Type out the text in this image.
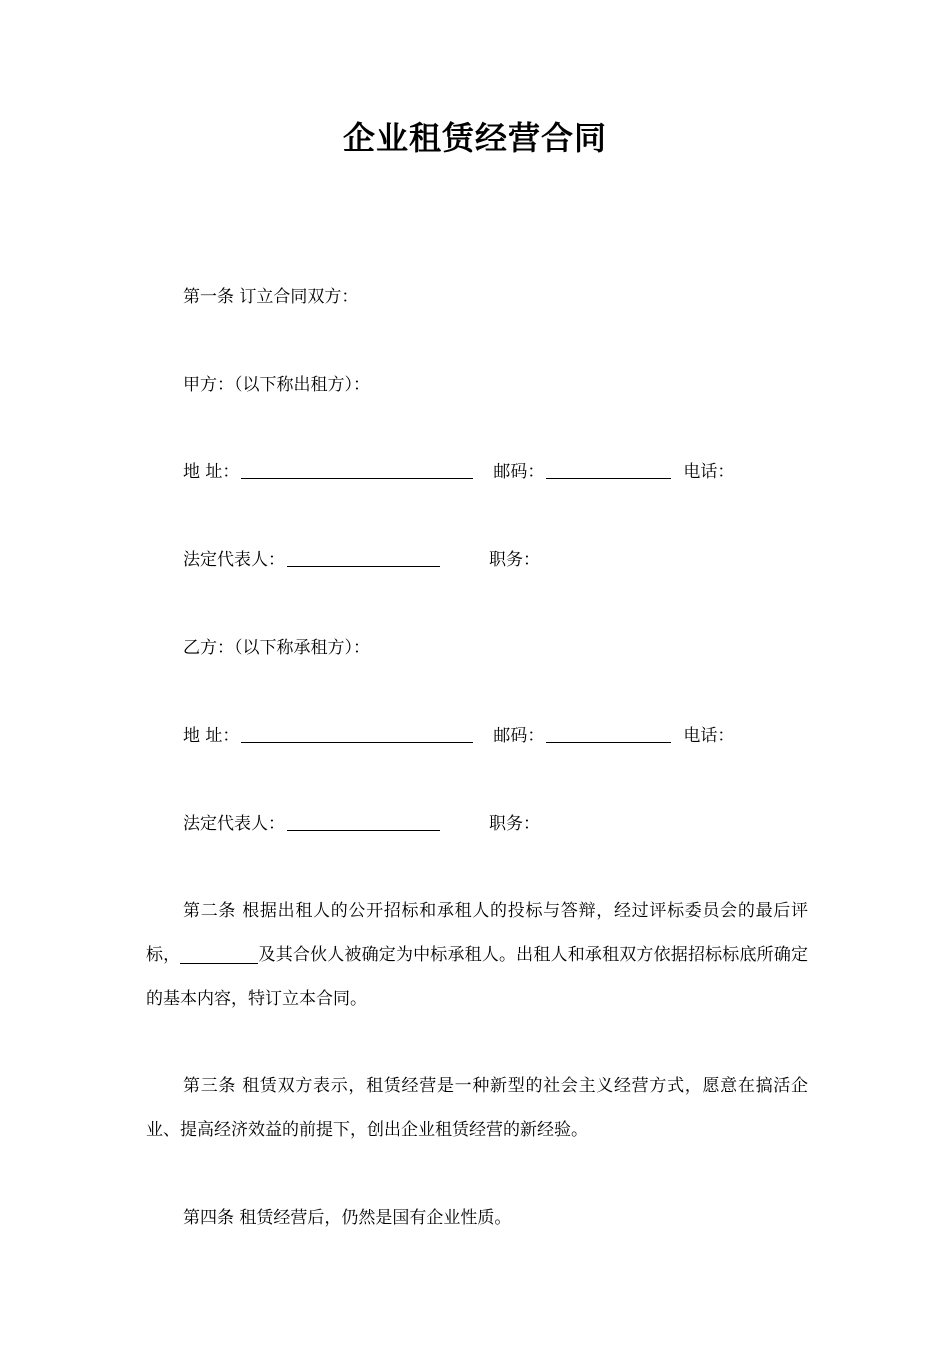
企业租赁经营合同
第一条 订立合同双方：
甲方：（以下称出租方）：
地 址：	邮码：	电话：
法定代表人：	职务：
乙方：（以下称承租方）：
地 址：	邮码：	电话：
法定代表人：	职务：
第二条 根据出租人的公开招标和承租人的投标与答辩，经过评标委员会的最后评标，	及其合伙人被确定为中标承租人。出租人和承租双方依据招标标底所确定的基本内容，特订立本合同。
第三条 租赁双方表示，租赁经营是一种新型的社会主义经营方式，愿意在搞活企业、提高经济效益的前提下，创出企业租赁经营的新经验。
第四条 租赁经营后，仍然是国有企业性质。
